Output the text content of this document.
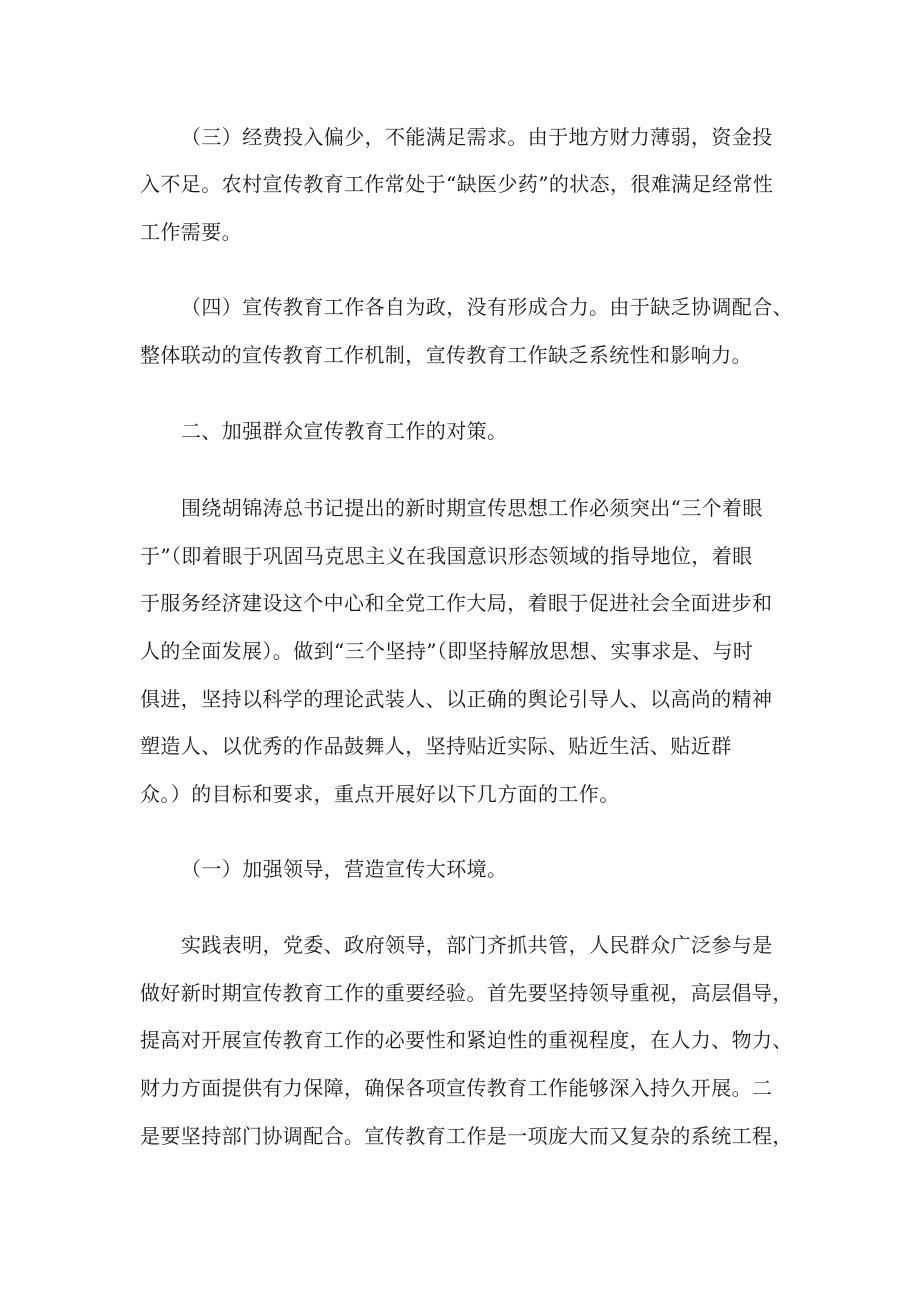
（三）经费投入偏少，不能满足需求。由于地方财力薄弱，资金投
入不足。农村宣传教育工作常处于“缺医少药”的状态，很难满足经常性
工作需要。
（四）宣传教育工作各自为政，没有形成合力。由于缺乏协调配合、
整体联动的宣传教育工作机制，宣传教育工作缺乏系统性和影响力。
二、加强群众宣传教育工作的对策。
围绕胡锦涛总书记提出的新时期宣传思想工作必须突出“三个着眼
于”（即着眼于巩固马克思主义在我国意识形态领域的指导地位，着眼
于服务经济建设这个中心和全党工作大局，着眼于促进社会全面进步和
人的全面发展）。做到“三个坚持”（即坚持解放思想、实事求是、与时
俱进，坚持以科学的理论武装人、以正确的舆论引导人、以高尚的精神
塑造人、以优秀的作品鼓舞人，坚持贴近实际、贴近生活、贴近群
众。）的目标和要求，重点开展好以下几方面的工作。
（一）加强领导，营造宣传大环境。
实践表明，党委、政府领导，部门齐抓共管，人民群众广泛参与是
做好新时期宣传教育工作的重要经验。首先要坚持领导重视，高层倡导，
提高对开展宣传教育工作的必要性和紧迫性的重视程度，在人力、物力、
财力方面提供有力保障，确保各项宣传教育工作能够深入持久开展。二
是要坚持部门协调配合。宣传教育工作是一项庞大而又复杂的系统工程，
